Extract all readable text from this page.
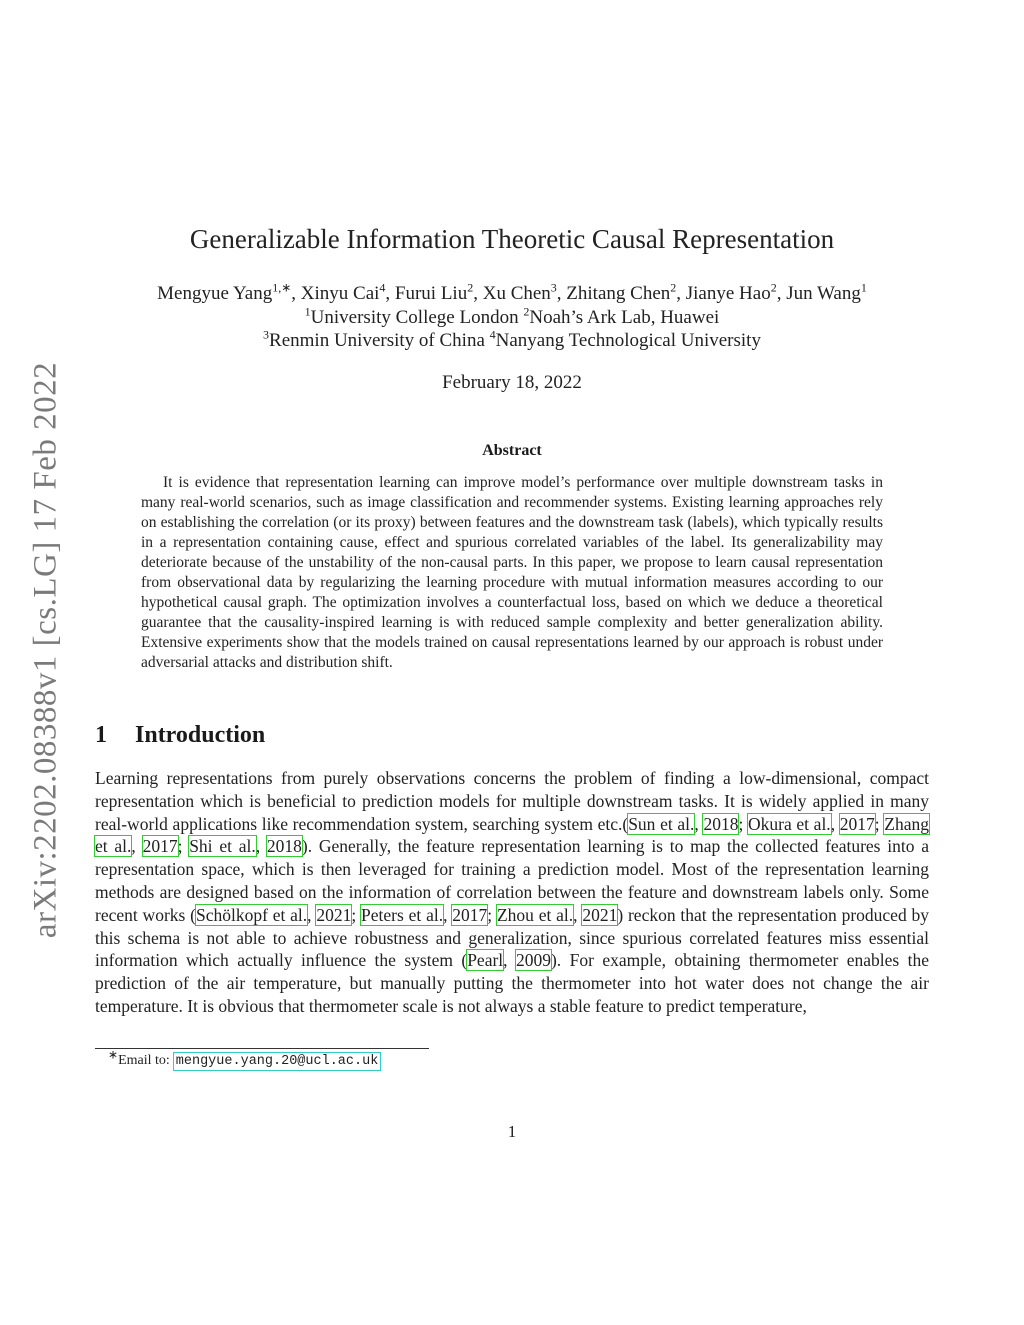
arXiv:2202.08388v1 [cs.LG] 17 Feb 2022
Generalizable Information Theoretic Causal Representation
Mengyue Yang$^{1,∗}$, Xinyu Cai$^4$, Furui Liu$^2$, Xu Chen$^3$, Zhitang Chen$^2$, Jianye Hao$^2$, Jun Wang$^1$
$^1$University College London $^2$Noah’s Ark Lab, Huawei
$^3$Renmin University of China $^4$Nanyang Technological University
February 18, 2022
Abstract

It is evidence that representation learning can improve model’s performance over multiple downstream tasks in many real-world scenarios, such as image classification and recommender systems. Existing learning approaches rely on establishing the correlation (or its proxy) between features and the downstream task (labels), which typically results in a representation containing cause, effect and spurious correlated variables of the label. Its generalizability may deteriorate because of the unstability of the non-causal parts. In this paper, we propose to learn causal representation from observational data by regularizing the learning procedure with mutual information measures according to our hypothetical causal graph. The optimization involves a counterfactual loss, based on which we deduce a theoretical guarantee that the causality-inspired learning is with reduced sample complexity and better generalization ability. Extensive experiments show that the models trained on causal representations learned by our approach is robust under adversarial attacks and distribution shift.

1 Introduction

Learning representations from purely observations concerns the problem of finding a low-dimensional, compact representation which is beneficial to prediction models for multiple downstream tasks. It is widely applied in many real-world applications like recommendation system, searching system etc.(Sun et al., 2018; Okura et al., 2017; Zhang et al., 2017; Shi et al., 2018). Generally, the feature representation learning is to map the collected features into a representation space, which is then leveraged for training a prediction model. Most of the representation learning methods are designed based on the information of correlation between the feature and downstream labels only. Some recent works (Schölkopf et al., 2021; Peters et al., 2017; Zhou et al., 2021) reckon that the representation produced by this schema is not able to achieve robustness and generalization, since spurious correlated features miss essential information which actually influence the system (Pearl, 2009). For example, obtaining thermometer enables the prediction of the air temperature, but manually putting the thermometer into hot water does not change the air temperature. It is obvious that thermometer scale is not always a stable feature to predict temperature,

∗Email to: mengyue.yang.20@ucl.ac.uk
1
